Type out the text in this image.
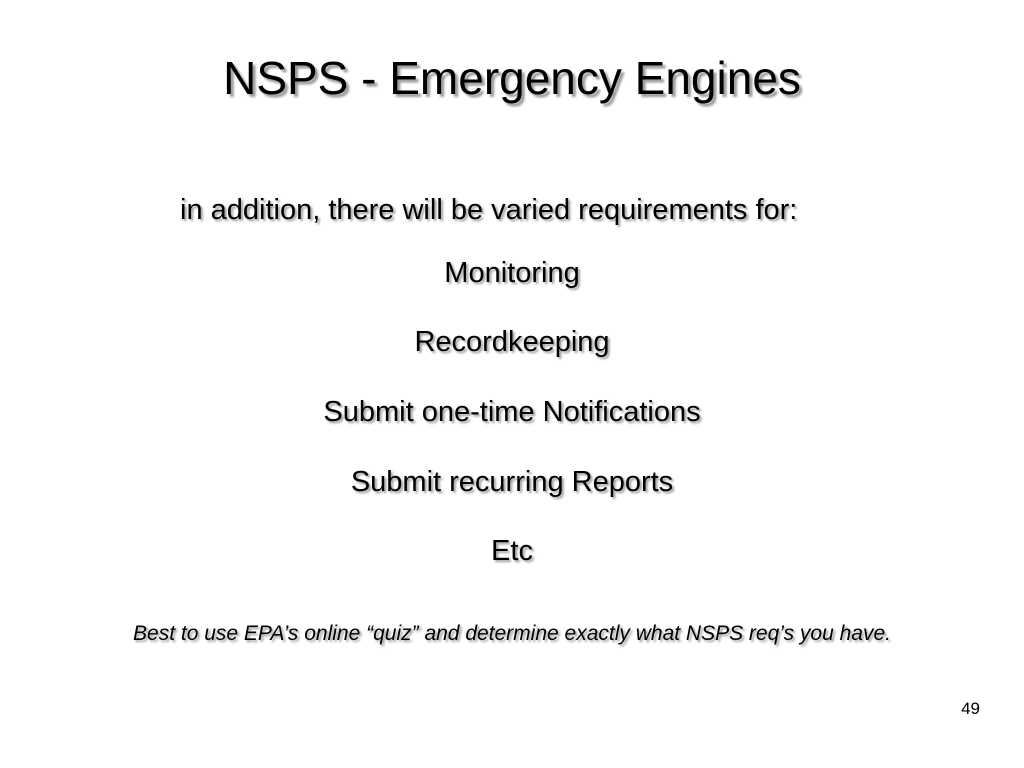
NSPS - Emergency Engines
in addition, there will be varied requirements for:
Monitoring
Recordkeeping
Submit one-time Notifications
Submit recurring Reports
Etc
Best to use EPA’s online “quiz” and determine exactly what NSPS req’s you have.
49
